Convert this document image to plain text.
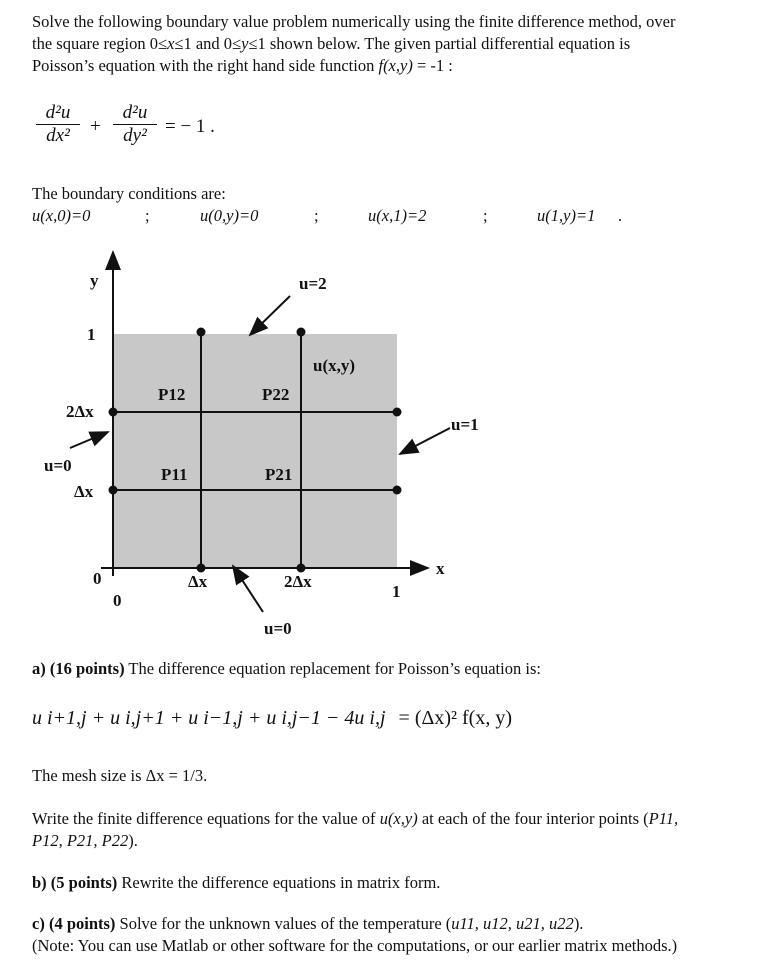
Solve the following boundary value problem numerically using the finite difference method, over
the square region 0≤x≤1 and 0≤y≤1 shown below. The given partial differential equation is
Poisson’s equation with the right hand side function f(x,y) = -1 :
$\frac{\text{d²u}}{\text{dx²}} + \frac{\text{d²u}}{\text{dy²}}$ = − 1 .
The boundary conditions are:
u(x,0)=0	;	u(0,y)=0	;	u(x,1)=2	;	u(1,y)=1 .
y
x
u=2
u=1
u=0
u=0
u(x,y)
1
2Δx
Δx
0
0
Δx	2Δx
1
P12	P22
P11	P21
a) (16 points) The difference equation replacement for Poisson’s equation is:
u i+1,j + u i,j+1 + u i−1,j + u i,j−1 − 4u i,j = (Δx)² f(x, y)
The mesh size is Δx = 1/3.
Write the finite difference equations for the value of u(x,y) at each of the four interior points (P11,
P12, P21, P22).
b) (5 points) Rewrite the difference equations in matrix form.
c) (4 points) Solve for the unknown values of the temperature (u11, u12, u21, u22).
(Note: You can use Matlab or other software for the computations, or our earlier matrix methods.)
